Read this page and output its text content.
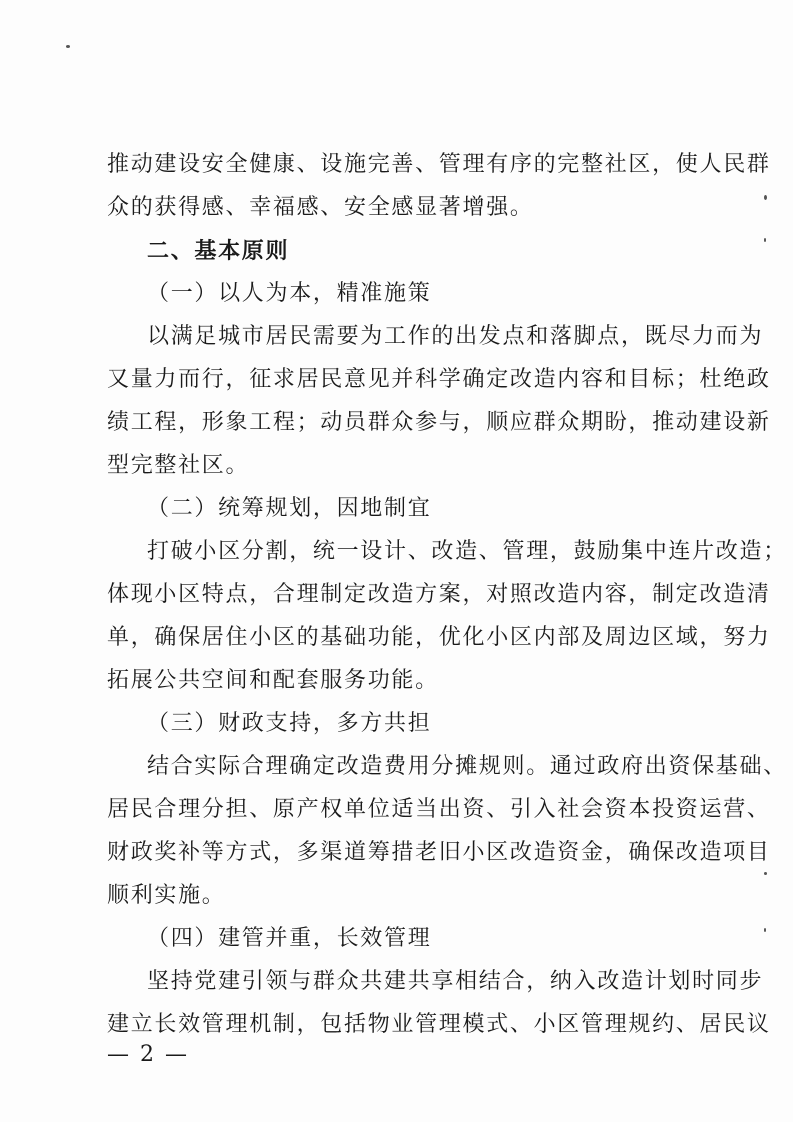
推动建设安全健康、设施完善、管理有序的完整社区，使人民群
众的获得感、幸福感、安全感显著增强。
二、基本原则
（一）以人为本，精准施策
以满足城市居民需要为工作的出发点和落脚点，既尽力而为
又量力而行，征求居民意见并科学确定改造内容和目标；杜绝政
绩工程，形象工程；动员群众参与，顺应群众期盼，推动建设新
型完整社区。
（二）统筹规划，因地制宜
打破小区分割，统一设计、改造、管理，鼓励集中连片改造；
体现小区特点，合理制定改造方案，对照改造内容，制定改造清
单，确保居住小区的基础功能，优化小区内部及周边区域，努力
拓展公共空间和配套服务功能。
（三）财政支持，多方共担
结合实际合理确定改造费用分摊规则。通过政府出资保基础、
居民合理分担、原产权单位适当出资、引入社会资本投资运营、
财政奖补等方式，多渠道筹措老旧小区改造资金，确保改造项目
顺利实施。
（四）建管并重，长效管理
坚持党建引领与群众共建共享相结合，纳入改造计划时同步
建立长效管理机制，包括物业管理模式、小区管理规约、居民议
— 2 —
